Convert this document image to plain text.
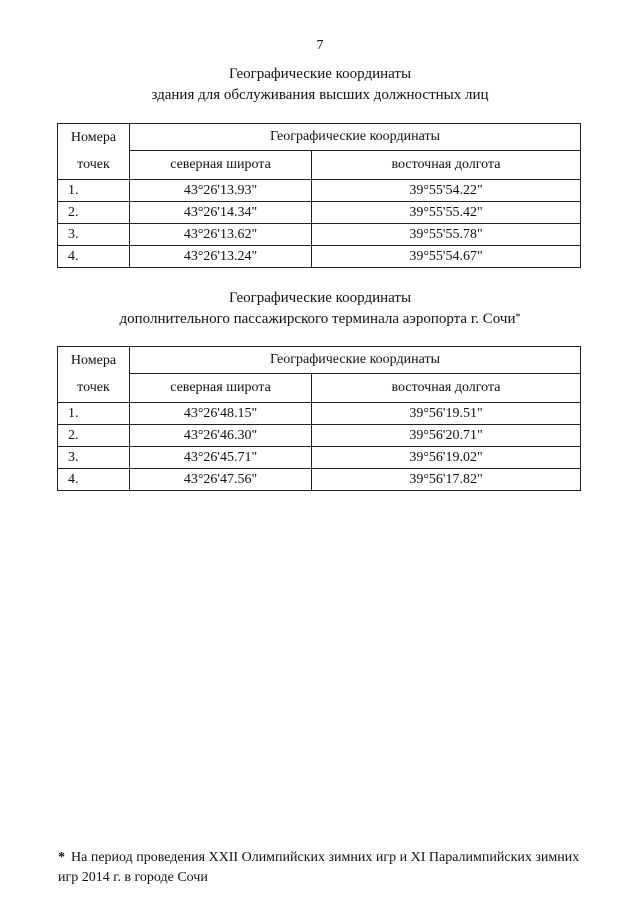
7
Географические координаты
здания для обслуживания высших должностных лиц
Номера
точек	Географические координаты	
	северная широта	восточная долгота
1.	43°26'13.93"	39°55'54.22"
2.	43°26'14.34"	39°55'55.42"
3.	43°26'13.62"	39°55'55.78"
4.	43°26'13.24"	39°55'54.67"
Географические координаты
дополнительного пассажирского терминала аэропорта г. Сочи*
Номера
точек	Географические координаты	
	северная широта	восточная долгота
1.	43°26'48.15"	39°56'19.51"
2.	43°26'46.30"	39°56'20.71"
3.	43°26'45.71"	39°56'19.02"
4.	43°26'47.56"	39°56'17.82"
* На период проведения XXII Олимпийских зимних игр и XI Паралимпийских зимних игр 2014 г. в городе Сочи
